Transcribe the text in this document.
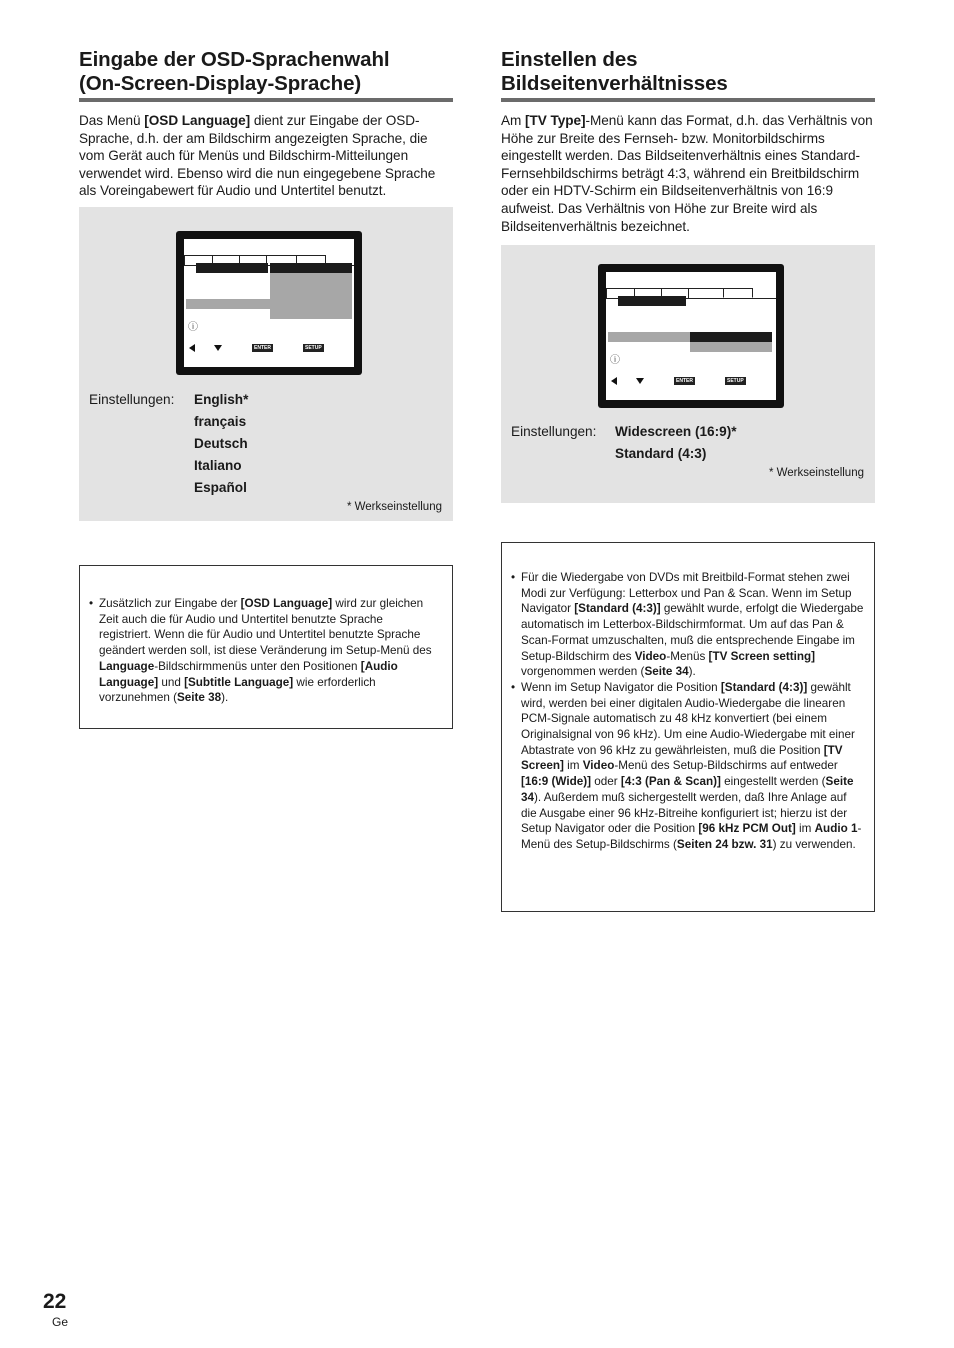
Eingabe der OSD-Sprachenwahl
(On-Screen-Display-Sprache)

Das Menü [OSD Language] dient zur Eingabe der OSD-Sprache, d.h. der am Bildschirm angezeigten Sprache, die vom Gerät auch für Menüs und Bildschirm-Mitteilungen verwendet wird. Ebenso wird die nun eingegebene Sprache als Voreingabewert für Audio und Untertitel benutzt.

ⓘ
ENTER	SETUP
Einstellungen: English*
français
Deutsch
Italiano
Español
* Werkseinstellung
• Zusätzlich zur Eingabe der [OSD Language] wird zur gleichen Zeit auch die für Audio und Untertitel benutzte Sprache registriert. Wenn die für Audio und Untertitel benutzte Sprache geändert werden soll, ist diese Veränderung im Setup-Menü des Language-Bildschirmmenüs unter den Positionen [Audio Language] und [Subtitle Language] wie erforderlich vorzunehmen (Seite 38).
Einstellen des
Bildseitenverhältnisses

Am [TV Type]-Menü kann das Format, d.h. das Verhältnis von Höhe zur Breite des Fernseh- bzw. Monitorbildschirms eingestellt werden. Das Bildseitenverhältnis eines Standard-Fernsehbildschirms beträgt 4:3, während ein Breitbildschirm oder ein HDTV-Schirm ein Bildseitenverhältnis von 16:9 aufweist. Das Verhältnis von Höhe zur Breite wird als Bildseitenverhältnis bezeichnet.

ⓘ
ENTER	SETUP
Einstellungen: Widescreen (16:9)*
Standard (4:3)
* Werkseinstellung
• Für die Wiedergabe von DVDs mit Breitbild-Format stehen zwei Modi zur Verfügung: Letterbox und Pan & Scan. Wenn im Setup Navigator [Standard (4:3)] gewählt wurde, erfolgt die Wiedergabe automatisch im Letterbox-Bildschirmformat. Um auf das Pan & Scan-Format umzuschalten, muß die entsprechende Eingabe im Setup-Bildschirm des Video-Menüs [TV Screen setting] vorgenommen werden (Seite 34).
• Wenn im Setup Navigator die Position [Standard (4:3)] gewählt wird, werden bei einer digitalen Audio-Wiedergabe die linearen PCM-Signale automatisch zu 48 kHz konvertiert (bei einem Originalsignal von 96 kHz). Um eine Audio-Wiedergabe mit einer Abtastrate von 96 kHz zu gewährleisten, muß die Position [TV Screen] im Video-Menü des Setup-Bildschirms auf entweder [16:9 (Wide)] oder [4:3 (Pan & Scan)] eingestellt werden (Seite 34). Außerdem muß sichergestellt werden, daß Ihre Anlage auf die Ausgabe einer 96 kHz-Bitreihe konfiguriert ist; hierzu ist der Setup Navigator oder die Position [96 kHz PCM Out] im Audio 1-Menü des Setup-Bildschirms (Seiten 24 bzw. 31) zu verwenden.
22
Ge
